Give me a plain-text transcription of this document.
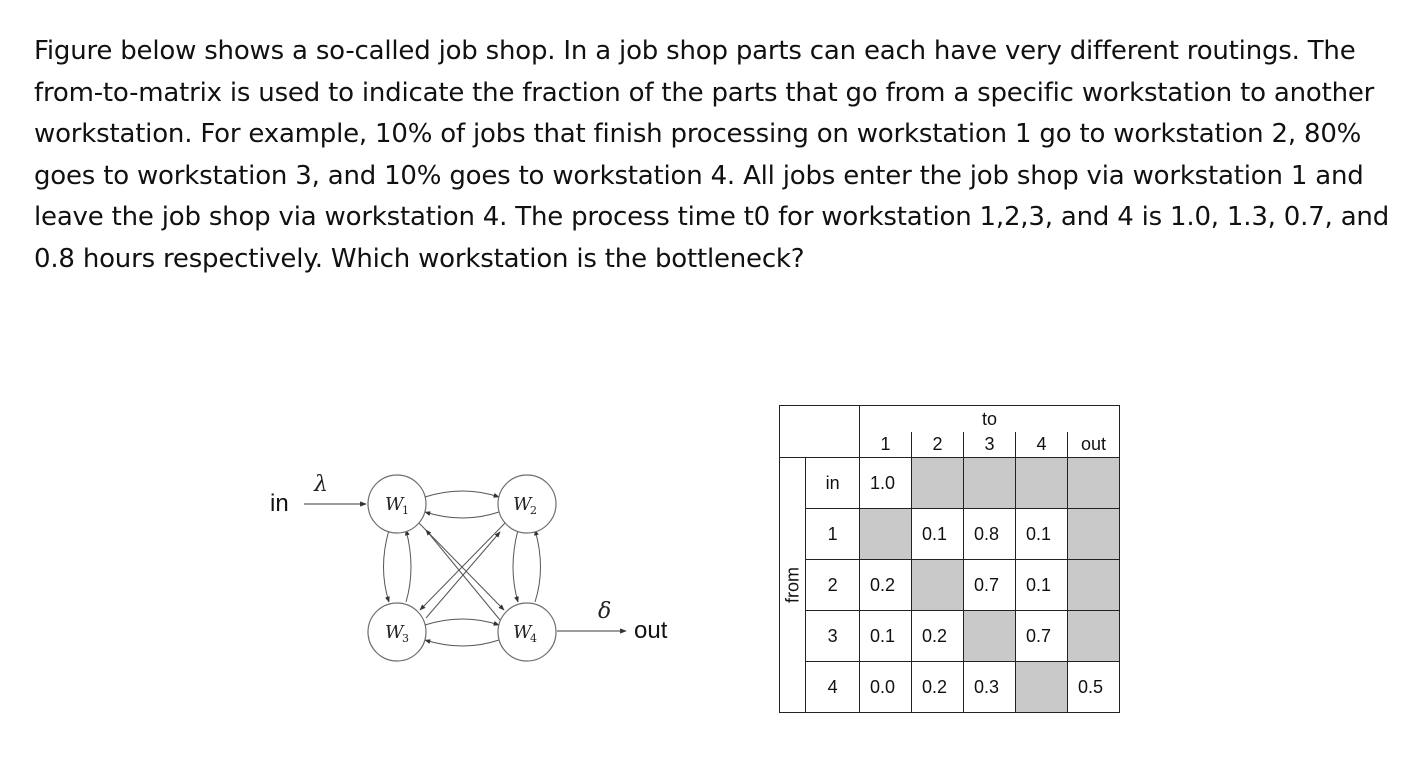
Figure below shows a so-called job shop. In a job shop parts can each have very different routings. The from-to-matrix is used to indicate the fraction of the parts that go from a specific workstation to another workstation. For example, 10% of jobs that finish processing on workstation 1 go to workstation 2, 80% goes to workstation 3, and 10% goes to workstation 4. All jobs enter the job shop via workstation 1 and leave the job shop via workstation 4. The process time t0 for workstation 1,2,3, and 4 is 1.0, 1.3, 0.7, and 0.8 hours respectively. Which workstation is the bottleneck?

in
λ
W
1	W
2
W
3	W
4
δ
out
		to				
		1	2	3	4	out

from	in	1.0				
	1		0.1	0.8	0.1	
	2	0.2		0.7	0.1	
	3	0.1	0.2		0.7	
	4	0.0	0.2	0.3		0.5
